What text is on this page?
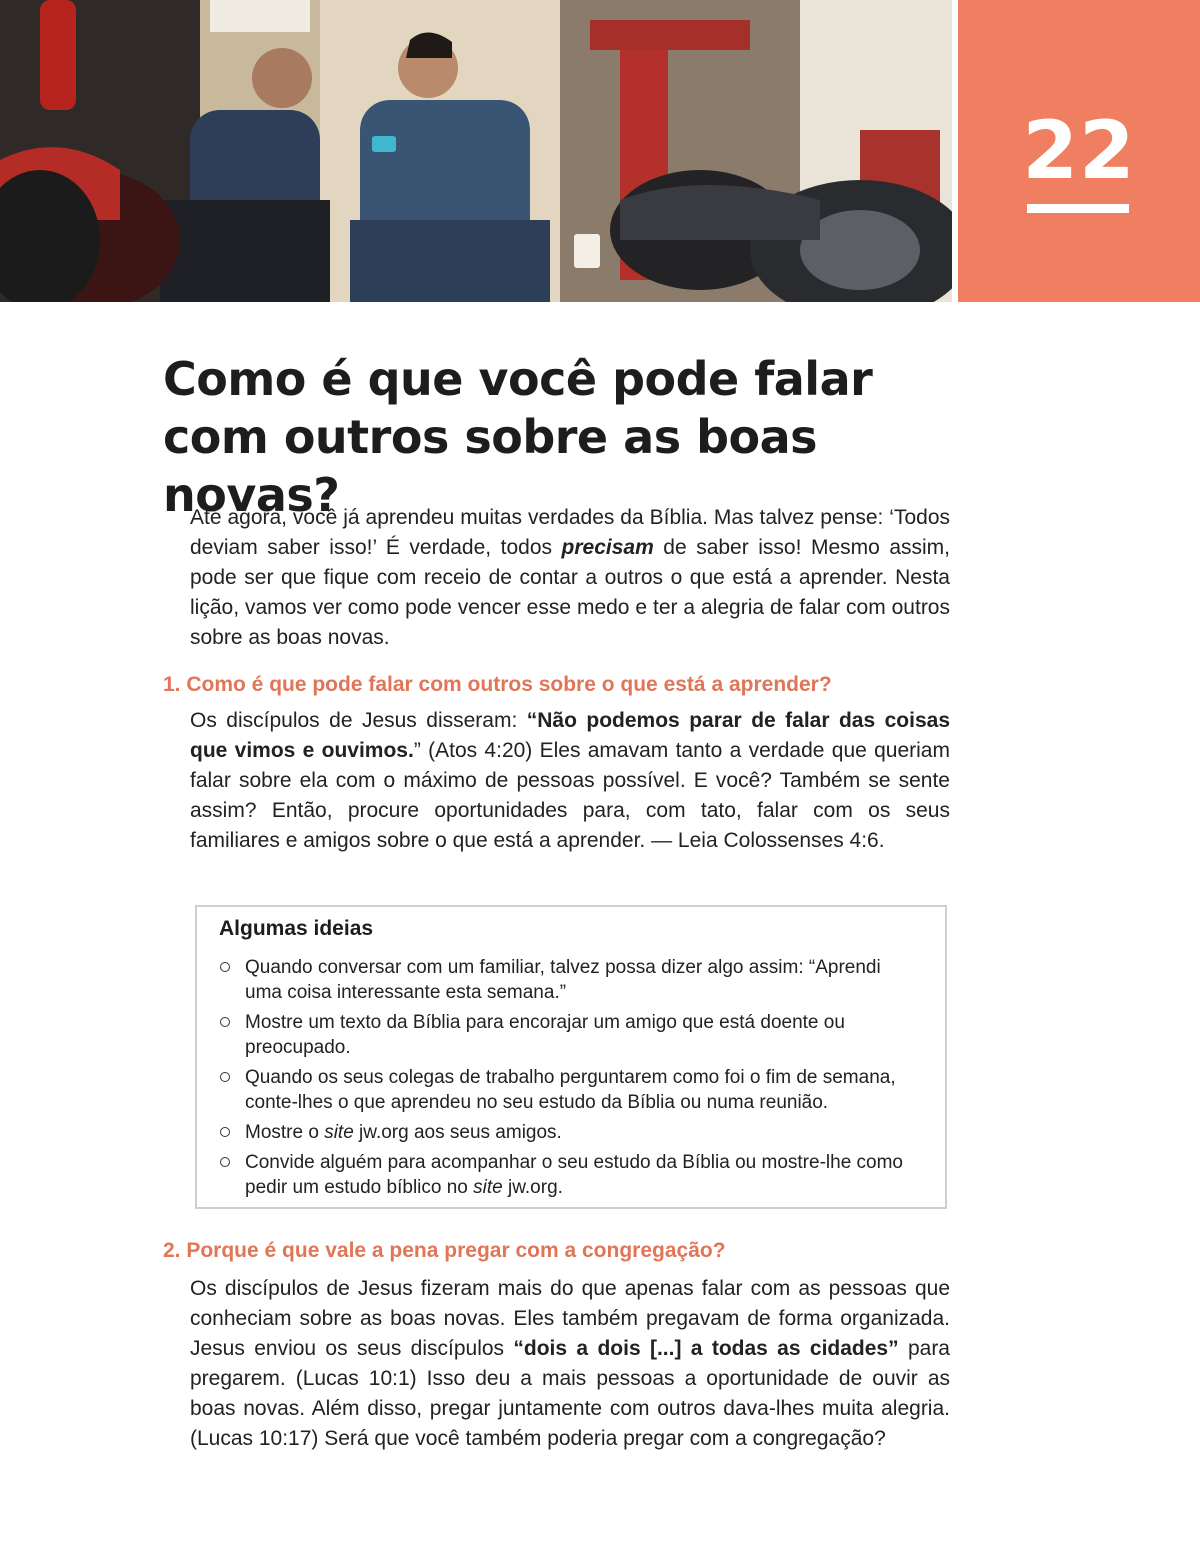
22
Como é que você pode falar com outros sobre as boas novas?

Até agora, você já aprendeu muitas verdades da Bíblia. Mas talvez pense: ‘Todos deviam saber isso!’ É verdade, todos precisam de saber isso! Mesmo assim, pode ser que fique com receio de contar a outros o que está a aprender. Nesta lição, vamos ver como pode vencer esse medo e ter a alegria de falar com outros sobre as boas novas.

1. Como é que pode falar com outros sobre o que está a aprender?

Os discípulos de Jesus disseram: “Não podemos parar de falar das coisas que vimos e ouvimos.” (Atos 4:20) Eles amavam tanto a verdade que queriam falar sobre ela com o máximo de pessoas possível. E você? Também se sente assim? Então, procure oportunidades para, com tato, falar com os seus familiares e amigos sobre o que está a aprender. — Leia Colossenses 4:6.

Algumas ideias
Quando conversar com um familiar, talvez possa dizer algo assim: “Aprendi uma coisa interessante esta semana.”
Mostre um texto da Bíblia para encorajar um amigo que está doente ou preocupado.
Quando os seus colegas de trabalho perguntarem como foi o fim de semana, conte-lhes o que aprendeu no seu estudo da Bíblia ou numa reunião.
Mostre o site jw.org aos seus amigos.
Convide alguém para acompanhar o seu estudo da Bíblia ou mostre-lhe como pedir um estudo bíblico no site jw.org.
2. Porque é que vale a pena pregar com a congregação?

Os discípulos de Jesus fizeram mais do que apenas falar com as pessoas que conheciam sobre as boas novas. Eles também pregavam de forma organizada. Jesus enviou os seus discípulos “dois a dois [...] a todas as cidades” para pregarem. (Lucas 10:1) Isso deu a mais pessoas a oportunidade de ouvir as boas novas. Além disso, pregar juntamente com outros dava-lhes muita alegria. (Lucas 10:17) Será que você também poderia pregar com a congregação?
